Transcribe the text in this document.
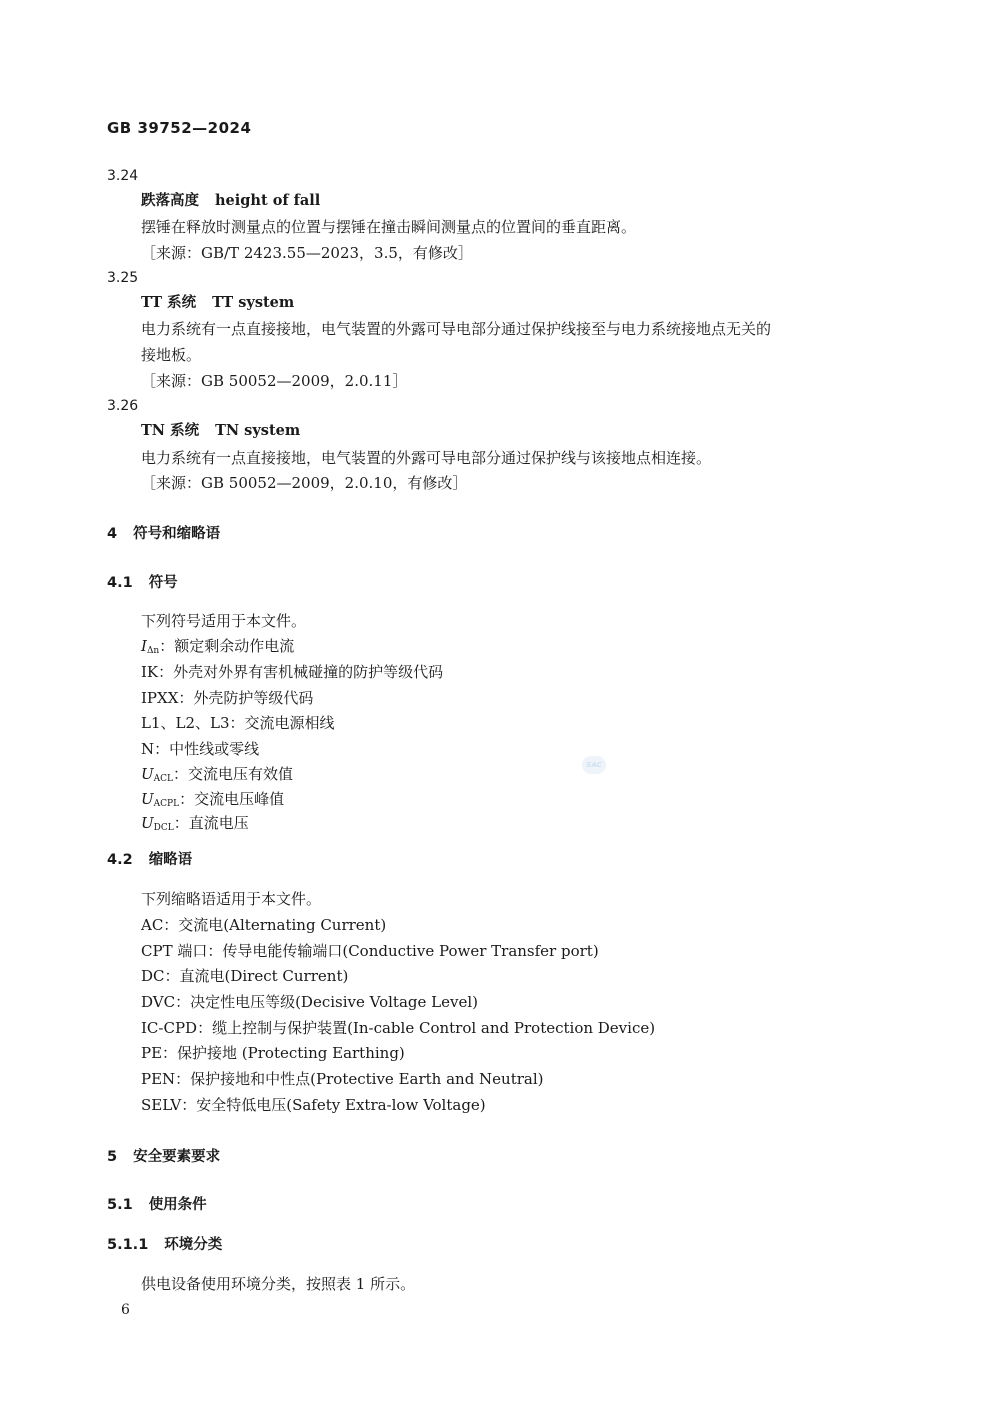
GB 39752—2024
3.24
跌落高度 height of fall
摆锤在释放时测量点的位置与摆锤在撞击瞬间测量点的位置间的垂直距离。
［来源：GB/T 2423.55—2023，3.5，有修改］
3.25
TT 系统 TT system
电力系统有一点直接接地，电气装置的外露可导电部分通过保护线接至与电力系统接地点无关的
接地板。
［来源：GB 50052—2009，2.0.11］
3.26
TN 系统 TN system
电力系统有一点直接接地，电气装置的外露可导电部分通过保护线与该接地点相连接。
［来源：GB 50052—2009，2.0.10，有修改］
4 符号和缩略语
4.1 符号
下列符号适用于本文件。
$I_{\Delta n}$：额定剩余动作电流
IK：外壳对外界有害机械碰撞的防护等级代码
IPXX：外壳防护等级代码
L1、L2、L3：交流电源相线
N：中性线或零线
$U_{ACL}$：交流电压有效值
$U_{ACPL}$：交流电压峰值
$U_{DCL}$：直流电压
SAC
4.2 缩略语
下列缩略语适用于本文件。
AC：交流电(Alternating Current)
CPT 端口：传导电能传输端口(Conductive Power Transfer port)
DC：直流电(Direct Current)
DVC：决定性电压等级(Decisive Voltage Level)
IC-CPD：缆上控制与保护装置(In-cable Control and Protection Device)
PE：保护接地 (Protecting Earthing)
PEN：保护接地和中性点(Protective Earth and Neutral)
SELV：安全特低电压(Safety Extra-low Voltage)
5 安全要素要求
5.1 使用条件
5.1.1 环境分类
供电设备使用环境分类，按照表 1 所示。
6
